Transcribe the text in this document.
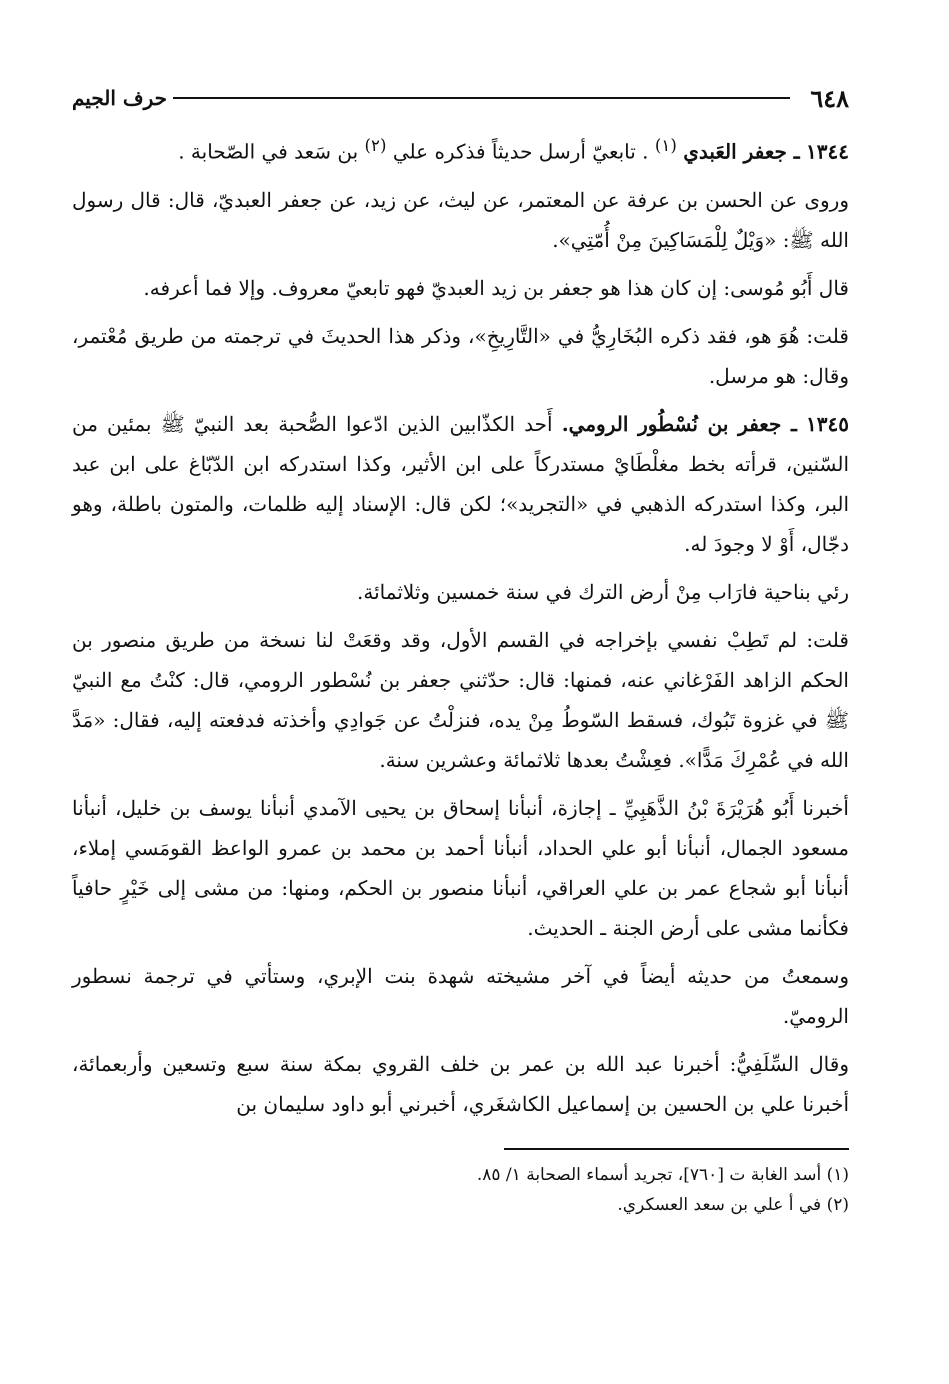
٦٤٨
حرف الجيم

١٣٤٤ ـ جعفر العَبدي $^{(١)}$ . تابعيّ أرسل حديثاً فذكره علي $^{(٢)}$ بن سَعد في الصّحابة .

وروى عن الحسن بن عرفة عن المعتمر، عن ليث، عن زيد، عن جعفر العبديّ، قال: قال رسول الله ﷺ: «وَيْلٌ لِلْمَسَاكِينَ مِنْ أُمّتِي».

قال أَبُو مُوسى: إن كان هذا هو جعفر بن زيد العبديّ فهو تابعيّ معروف. وإلا فما أعرفه.

قلت: هُوَ هو، فقد ذكره البُخَارِيُّ في «التَّارِيخِ»، وذكر هذا الحديثَ في ترجمته من طريق مُعْتمر، وقال: هو مرسل.

١٣٤٥ ـ جعفر بن نُسْطُور الرومي. أَحد الكذّابين الذين ادّعوا الصُّحبة بعد النبيّ ﷺ بمئين من السّنين، قرأته بخط مغلْطَايْ مستدركاً على ابن الأثير، وكذا استدركه ابن الدّبّاغ على ابن عبد البر، وكذا استدركه الذهبي في «التجريد»؛ لكن قال: الإسناد إليه ظلمات، والمتون باطلة، وهو دجّال، أَوْ لا وجودَ له.

رئي بناحية فارَاب مِنْ أرض الترك في سنة خمسين وثلاثمائة.

قلت: لم تَطِبْ نفسي بإخراجه في القسم الأول، وقد وقعَتْ لنا نسخة من طريق منصور بن الحكم الزاهد الفَرْغاني عنه، فمنها: قال: حدّثني جعفر بن نُسْطور الرومي، قال: كنْتُ مع النبيّ ﷺ في غزوة تَبُوك، فسقط السّوطُ مِنْ يده، فنزلْتُ عن جَوادِي وأخذته فدفعته إليه، فقال: «مَدَّ الله في عُمْرِكَ مَدًّا». فعِشْتُ بعدها ثلاثمائة وعشرين سنة.

أخبرنا أَبُو هُرَيْرَةَ بْنُ الذَّهَبِيِّ ـ إجازة، أنبأنا إسحاق بن يحيى الآمدي أنبأنا يوسف بن خليل، أنبأنا مسعود الجمال، أنبأنا أبو علي الحداد، أنبأنا أحمد بن محمد بن عمرو الواعظ القومَسي إملاء، أنبأنا أبو شجاع عمر بن علي العراقي، أنبأنا منصور بن الحكم، ومنها: من مشى إلى خَيْرٍ حافياً فكأنما مشى على أرض الجنة ـ الحديث.

وسمعتُ من حديثه أيضاً في آخر مشيخته شهدة بنت الإبري، وستأتي في ترجمة نسطور الروميّ.

وقال السِّلَفِيُّ: أخبرنا عبد الله بن عمر بن خلف القروي بمكة سنة سبع وتسعين وأربعمائة، أخبرنا علي بن الحسين بن إسماعيل الكاشغَري، أخبرني أبو داود سليمان بن

(١) أسد الغابة ت [٧٦٠]، تجريد أسماء الصحابة ١/ ٨٥.

(٢) في أ علي بن سعد العسكري.
